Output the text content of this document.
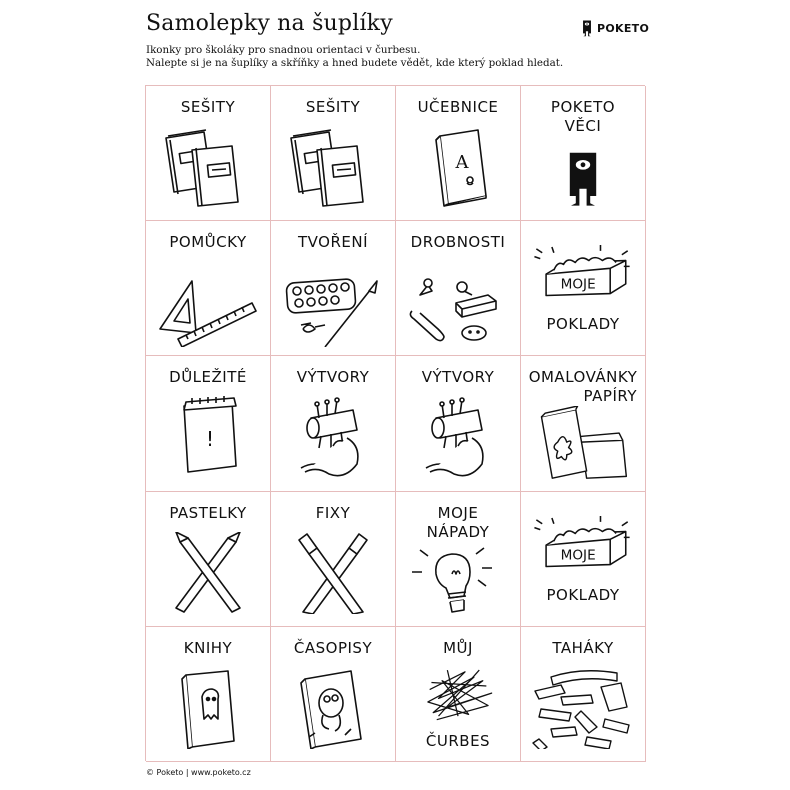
Samolepky na šuplíky
Ikonky pro školáky pro snadnou orientaci v čurbesu.
Nalepte si je na šuplíky a skříňky a hned budete vědět, kde který poklad hledat.
POKETO
SEŠITY	SEŠITY	UČEBNICE
A
POKETO
VĚCI
POMŮCKY	TVOŘENÍ	DROBNOSTI
MOJE
POKLADY
DŮLEŽITÉ
!
VÝTVORY	VÝTVORY	OMALOVÁNKY
PAPÍRY
PASTELKY	FIXY	MOJE
NÁPADY
MOJE
POKLADY
KNIHY	ČASOPISY	MŮJ
ČURBES
TAHÁKY
© Poketo | www.poketo.cz
